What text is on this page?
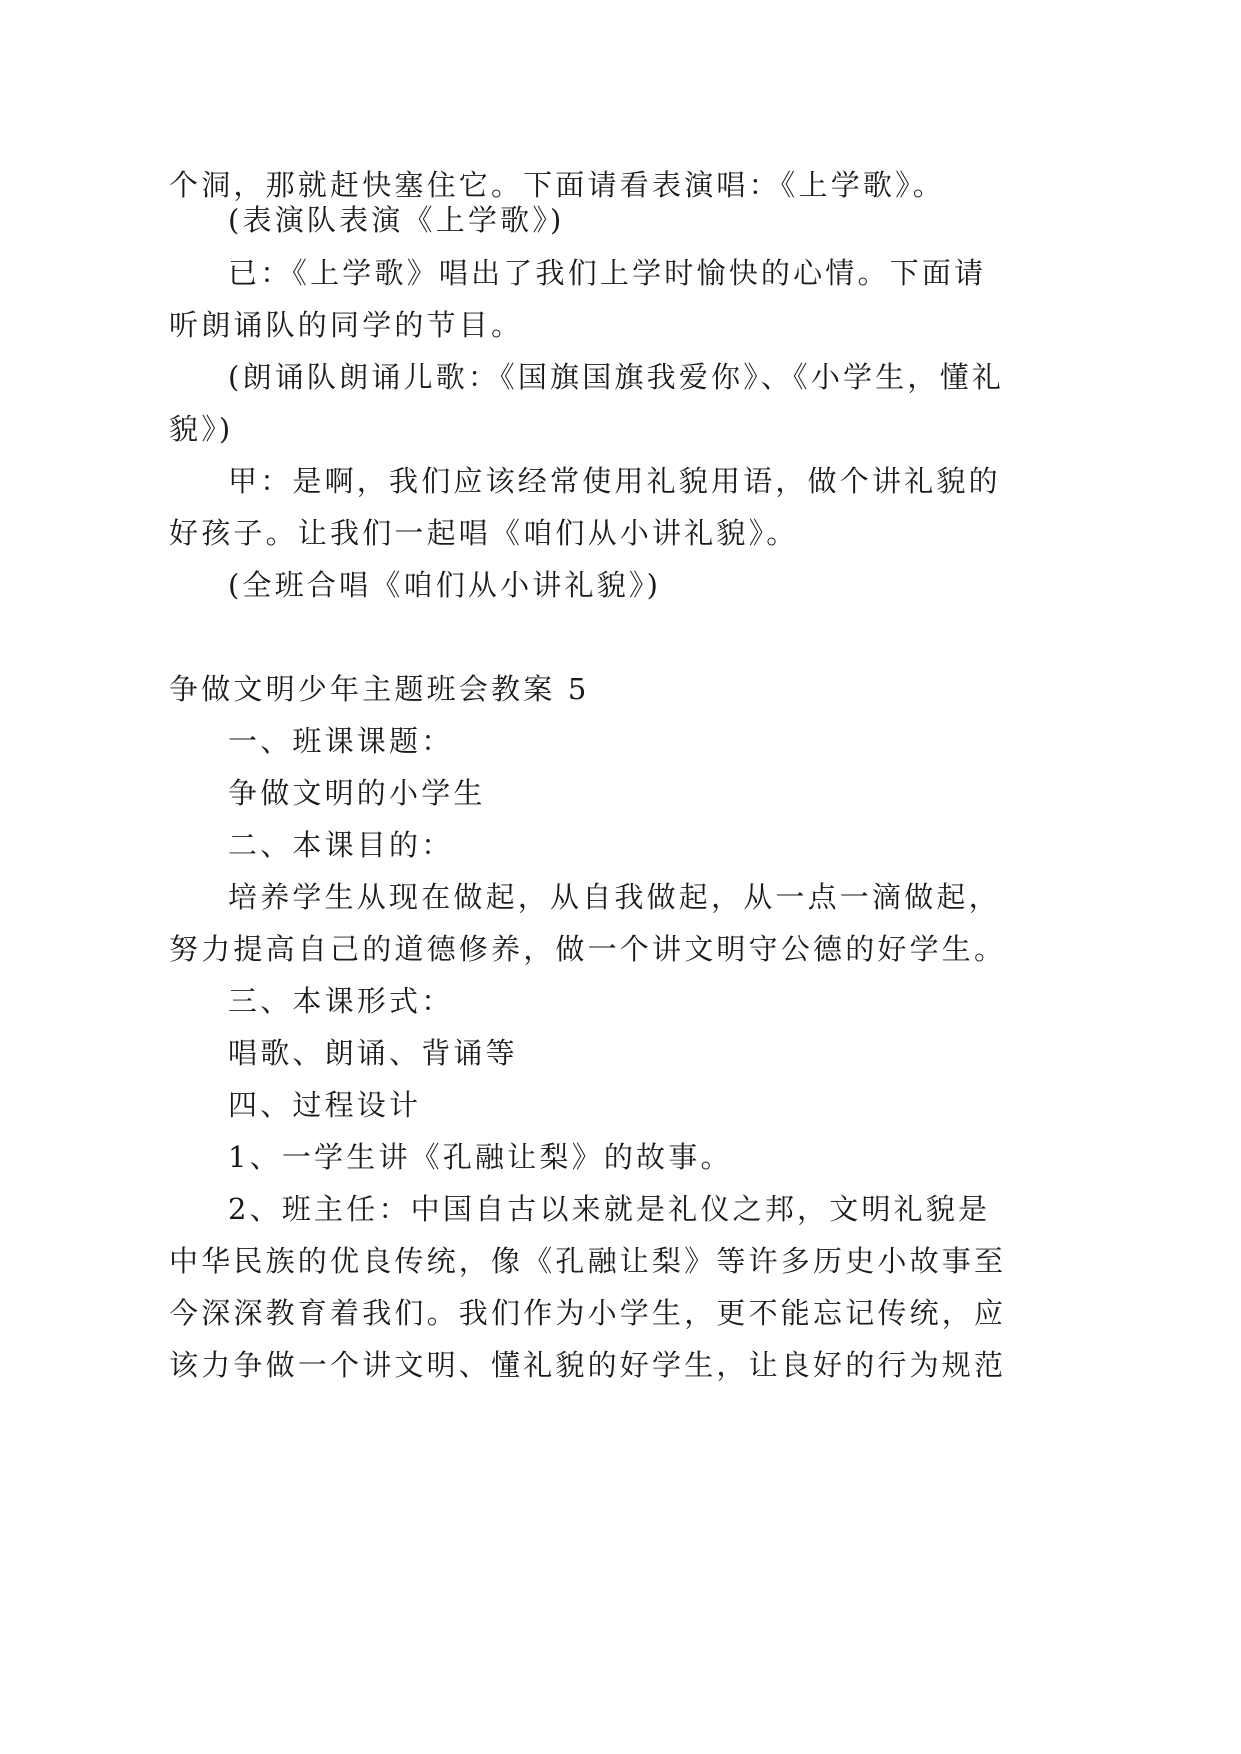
个洞，那就赶快塞住它。下面请看表演唱：《上学歌》。
(表演队表演《上学歌》)
已：《上学歌》唱出了我们上学时愉快的心情。下面请
听朗诵队的同学的节目。
(朗诵队朗诵儿歌：《国旗国旗我爱你》、《小学生，懂礼
貌》)
甲：是啊，我们应该经常使用礼貌用语，做个讲礼貌的
好孩子。让我们一起唱《咱们从小讲礼貌》。
(全班合唱《咱们从小讲礼貌》)
争做文明少年主题班会教案 5
一、班课课题：
争做文明的小学生
二、本课目的：
培养学生从现在做起，从自我做起，从一点一滴做起，
努力提高自己的道德修养，做一个讲文明守公德的好学生。
三、本课形式：
唱歌、朗诵、背诵等
四、过程设计
1、一学生讲《孔融让梨》的故事。
2、班主任：中国自古以来就是礼仪之邦，文明礼貌是
中华民族的优良传统，像《孔融让梨》等许多历史小故事至
今深深教育着我们。我们作为小学生，更不能忘记传统，应
该力争做一个讲文明、懂礼貌的好学生，让良好的行为规范
